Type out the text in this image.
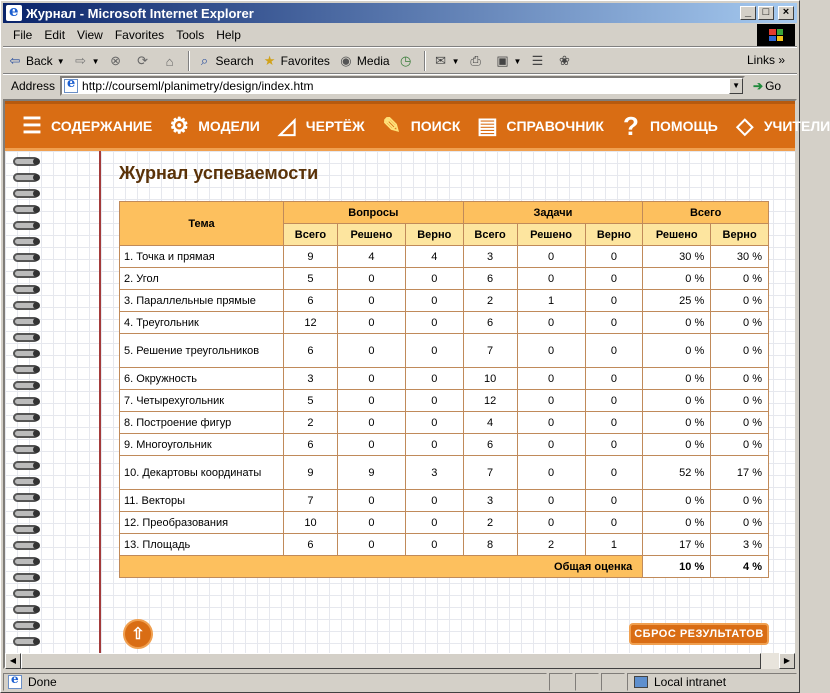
e
Журнал - Microsoft Internet Explorer	_	□	×
File	Edit	View	Favorites	Tools	Help
⇦ Back ▼ ⇨ ▼ ⊗ ⟳	⌂	⌕ Search ★ Favorites ◉ Media ◷ ✉ ▼ ⎙ ▣ ▼ ☰ ❀	Links »
Address e	http://courseml/planimetry/design/index.htm	▼ ➔ Go
☰ СОДЕРЖАНИЕ ⚙ МОДЕЛИ ◿ ЧЕРТЁЖ ✎ ПОИСК ▤ СПРАВОЧНИК ? ПОМОЩЬ ◇ УЧИТЕЛИ
Журнал успеваемости
Тема	Вопросы			Задачи			Всего	
	Всего	Решено	Верно	Всего	Решено	Верно	Решено	Верно
1. Точка и прямая	9	4	4	3	0	0	30 %	30 %
2. Угол	5	0	0	6	0	0	0 %	0 %
3. Параллельные прямые	6	0	0	2	1	0	25 %	0 %
4. Треугольник	12	0	0	6	0	0	0 %	0 %
5. Решение треугольников	6	0	0	7	0	0	0 %	0 %
6. Окружность	3	0	0	10	0	0	0 %	0 %
7. Четырехугольник	5	0	0	12	0	0	0 %	0 %
8. Построение фигур	2	0	0	4	0	0	0 %	0 %
9. Многоугольник	6	0	0	6	0	0	0 %	0 %
10. Декартовы координаты	9	9	3	7	0	0	52 %	17 %
11. Векторы	7	0	0	3	0	0	0 %	0 %
12. Преобразования	10	0	0	2	0	0	0 %	0 %
13. Площадь	6	0	0	8	2	1	17 %	3 %
Общая оценка							10 %	4 %
⇧	СБРОС РЕЗУЛЬТАТОВ
◀	▶
e
Done	Local intranet
